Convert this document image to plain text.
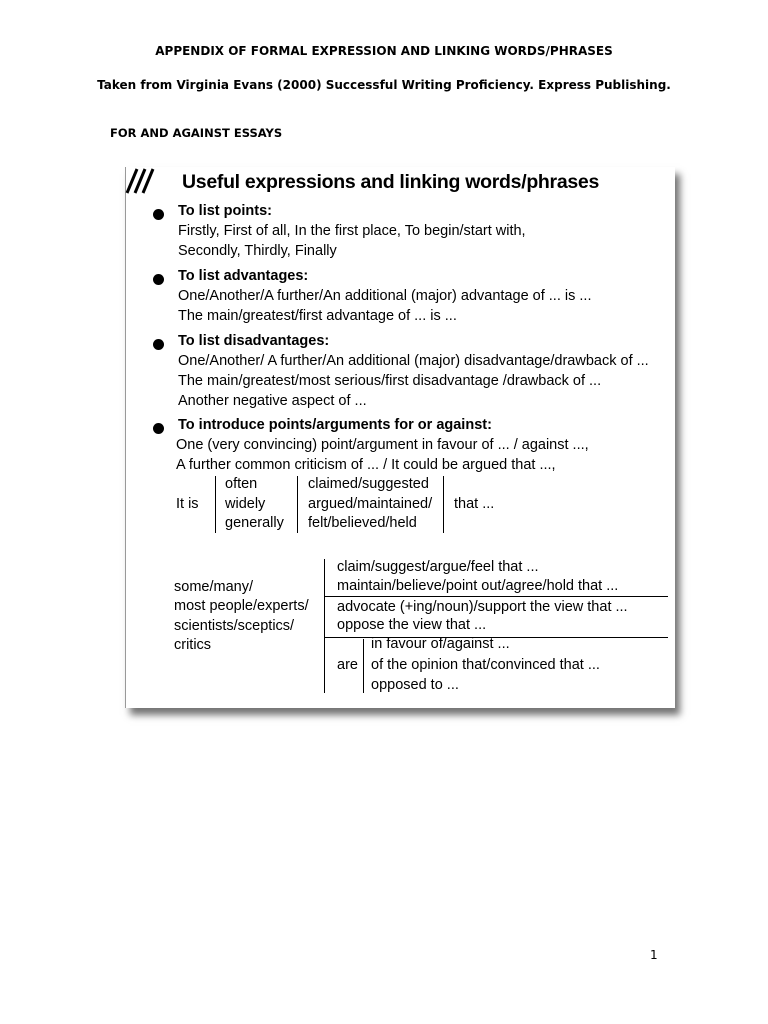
APPENDIX OF FORMAL EXPRESSION AND LINKING WORDS/PHRASES
Taken from Virginia Evans (2000) Successful Writing Proficiency. Express Publishing.
FOR AND AGAINST ESSAYS
Useful expressions and linking words/phrases
To list points:
Firstly, First of all, In the first place, To begin/start with,
Secondly, Thirdly, Finally
To list advantages:
One/Another/A further/An additional (major) advantage of ... is ...
The main/greatest/first advantage of ... is ...
To list disadvantages:
One/Another/ A further/An additional (major) disadvantage/drawback of ...
The main/greatest/most serious/first disadvantage /drawback of ...
Another negative aspect of ...
To introduce points/arguments for or against:
One (very convincing) point/argument in favour of ... / against ...,
A further common criticism of ... / It could be argued that ...,
It is
often
widely
generally
claimed/suggested
argued/maintained/
felt/believed/held
that ...
some/many/
most people/experts/
scientists/sceptics/
critics
claim/suggest/argue/feel that ...
maintain/believe/point out/agree/hold that ...
advocate (+ing/noun)/support the view that ...
oppose the view that ...
are
in favour of/against ...
of the opinion that/convinced that ...
opposed to ...
1
